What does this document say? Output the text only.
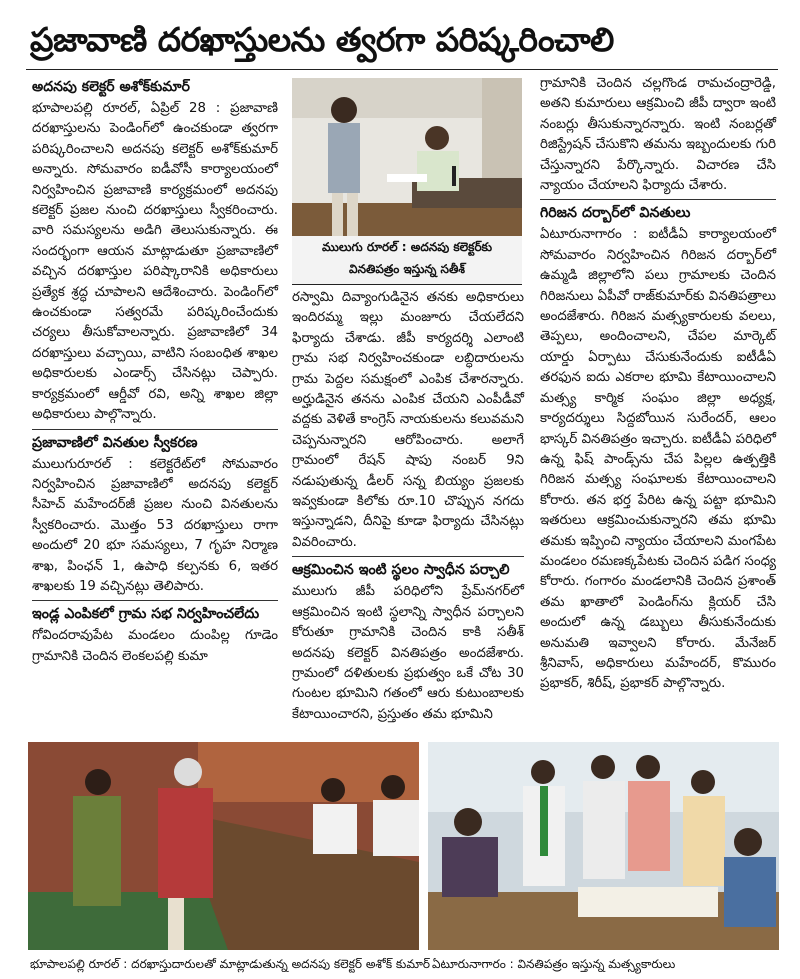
ప్రజావాణి దరఖాస్తులను త్వరగా పరిష్కరించాలి
అదనపు కలెక్టర్ అశోక్‌కుమార్

భూపాలపల్లి రూరల్, ఏప్రిల్ 28 : ప్రజావాణి దరఖాస్తులను పెండింగ్‌లో ఉంచకుండా త్వరగా పరిష్కరించాలని అదనపు కలెక్టర్ అశోక్‌కుమార్ అన్నారు. సోమవారం ఐడీవోసీ కార్యాలయంలో నిర్వహించిన ప్రజావాణి కార్యక్రమంలో అదనపు కలెక్టర్ ప్రజల నుంచి దరఖాస్తులు స్వీకరించారు. వారి సమస్యలను అడిగి తెలుసుకున్నారు. ఈ సందర్భంగా ఆయన మాట్లాడుతూ ప్రజావాణిలో వచ్చిన దరఖాస్తుల పరిష్కారానికి అధికారులు ప్రత్యేక శ్రద్ధ చూపాలని ఆదేశించారు. పెండింగ్‌లో ఉంచకుండా సత్వరమే పరిష్కరించేందుకు చర్యలు తీసుకోవాలన్నారు. ప్రజావాణిలో 34 దరఖాస్తులు వచ్చాయి, వాటిని సంబంధిత శాఖల అధికారులకు ఎండార్స్ చేసినట్లు చెప్పారు. కార్యక్రమంలో ఆర్డీవో రవి, అన్ని శాఖల జిల్లా అధికారులు పాల్గొన్నారు.

ప్రజావాణిలో వినతుల స్వీకరణ

ములుగురూరల్ : కలెక్టరేట్‌లో సోమవారం నిర్వహించిన ప్రజావాణిలో అదనపు కలెక్టర్ సీహెచ్ మహేందర్‌జీ ప్రజల నుంచి వినతులను స్వీకరించారు. మొత్తం 53 దరఖాస్తులు రాగా అందులో 20 భూ సమస్యలు, 7 గృహ నిర్మాణ శాఖ, పింఛన్ 1, ఉపాధి కల్పనకు 6, ఇతర శాఖలకు 19 వచ్చినట్లు తెలిపారు.

ఇండ్ల ఎంపికలో గ్రామ సభ నిర్వహించలేదు

గోవిందరావుపేట మండలం దుంపిల్ల గూడెం గ్రామానికి చెందిన లెంకలపల్లి కుమా

ములుగు రూరల్ : అదనపు కలెక్టర్‌కు
వినతిపత్రం ఇస్తున్న సతీశ్

రస్వామి దివ్యాంగుడినైన తనకు అధికారులు ఇందిరమ్మ ఇల్లు మంజూరు చేయలేదని ఫిర్యాదు చేశాడు. జీపీ కార్యదర్శి ఎలాంటి గ్రామ సభ నిర్వహించకుండా లబ్ధిదారులను గ్రామ పెద్దల సమక్షంలో ఎంపిక చేశారన్నారు. అర్హుడినైన తనను ఎంపిక చేయని ఎంపీడీవో వద్దకు వెళితే కాంగ్రెస్ నాయకులను కలువమని చెప్పనున్నారని ఆరోపించారు. అలాగే గ్రామంలో రేషన్ షాపు నంబర్ 9ని నడుపుతున్న డీలర్ సన్న బియ్యం ప్రజలకు ఇవ్వకుండా కిలోకు రూ.10 చొప్పున నగదు ఇస్తున్నాడని, దీనిపై కూడా ఫిర్యాదు చేసినట్లు వివరించారు.

ఆక్రమించిన ఇంటి స్థలం స్వాధీన పర్చాలి

ములుగు జీపీ పరిధిలోని ప్రేమ్‌నగర్‌లో ఆక్రమించిన ఇంటి స్థలాన్ని స్వాధీన పర్చాలని కోరుతూ గ్రామానికి చెందిన కాకి సతీశ్ అదనపు కలెక్టర్ వినతిపత్రం అందజేశారు. గ్రామంలో దళితులకు ప్రభుత్వం ఒకే చోట 30 గుంటల భూమిని గతంలో ఆరు కుటుంబాలకు కేటాయించారని, ప్రస్తుతం తమ భూమిని

గ్రామానికి చెందిన చల్లగొండ రామచంద్రారెడ్డి, అతని కుమారులు ఆక్రమించి జీపీ ద్వారా ఇంటి నంబర్లు తీసుకున్నారన్నారు. ఇంటి నంబర్లతో రిజిస్ట్రేషన్ చేసుకొని తమను ఇబ్బందులకు గురి చేస్తున్నారని పేర్కొన్నారు. విచారణ చేసి న్యాయం చేయాలని ఫిర్యాదు చేశారు.

గిరిజన దర్బార్‌లో వినతులు

ఏటూరునాగారం : ఐటీడీఏ కార్యాలయంలో సోమవారం నిర్వహించిన గిరిజన దర్బార్‌లో ఉమ్మడి జిల్లాలోని పలు గ్రామాలకు చెందిన గిరిజనులు ఏపీవో రాజ్‌కుమార్‌కు వినతిపత్రాలు అందజేశారు. గిరిజన మత్స్యకారులకు వలలు, తెప్పలు, అందించాలని, చేపల మార్కెట్ యార్డు ఏర్పాటు చేసుకునేందుకు ఐటీడీఏ తరఫున ఐదు ఎకరాల భూమి కేటాయించాలని మత్స్య కార్మిక సంఘం జిల్లా అధ్యక్ష, కార్యదర్శులు సిద్దబోయిన సురేందర్, ఆలం భాస్కర్ వినతిపత్రం ఇచ్చారు. ఐటీడీఏ పరిధిలో ఉన్న ఫిష్ పాండ్స్‌ను చేప పిల్లల ఉత్పత్తికి గిరిజన మత్స్య సంఘాలకు కేటాయించాలని కోరారు. తన భర్త పేరిట ఉన్న పట్టా భూమిని ఇతరులు ఆక్రమించుకున్నారని తమ భూమి తమకు ఇప్పించి న్యాయం చేయాలని మంగపేట మండలం రమణక్కపేటకు చెందిన పడిగ సంధ్య కోరారు. గంగారం మండలానికి చెందిన ప్రశాంత్ తమ ఖాతాలో పెండింగ్‌ను క్లియర్ చేసి అందులో ఉన్న డబ్బులు తీసుకునేందుకు అనుమతి ఇవ్వాలని కోరారు. మేనేజర్ శ్రీనివాస్, అధికారులు మహేందర్, కొమురం ప్రభాకర్, శిరీష్, ప్రభాకర్ పాల్గొన్నారు.

భూపాలపల్లి రూరల్ : దరఖాస్తుదారులతో మాట్లాడుతున్న అదనపు కలెక్టర్ అశోక్ కుమార్ ఏటూరునాగారం : వినతిపత్రం ఇస్తున్న మత్స్యకారులు
